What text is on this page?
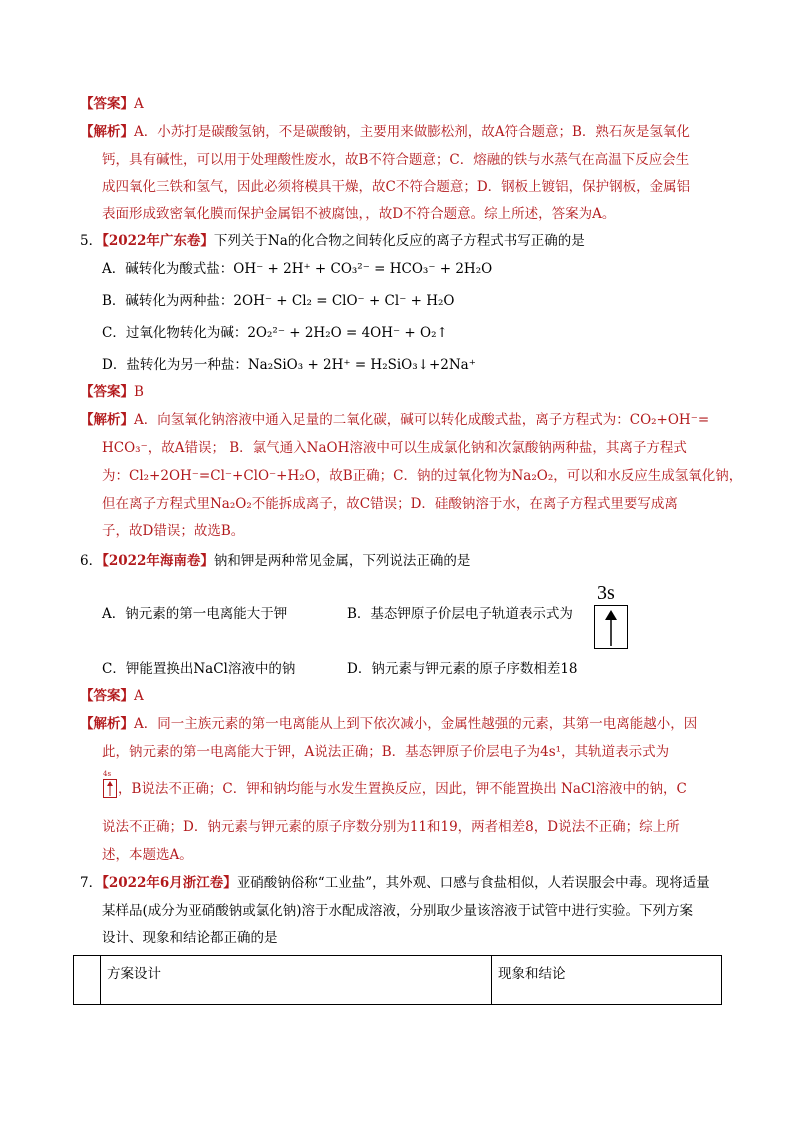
【答案】A
【解析】A．小苏打是碳酸氢钠，不是碳酸钠，主要用来做膨松剂，故A符合题意；B．熟石灰是氢氧化
钙，具有碱性，可以用于处理酸性废水，故B不符合题意；C．熔融的铁与水蒸气在高温下反应会生
成四氧化三铁和氢气，因此必须将模具干燥，故C不符合题意；D．钢板上镀铝，保护钢板，金属铝
表面形成致密氧化膜而保护金属铝不被腐蚀，，故D不符合题意。综上所述，答案为A。
5．【2022年广东卷】下列关于Na的化合物之间转化反应的离子方程式书写正确的是
A．碱转化为酸式盐：OH⁻ + 2H⁺ + CO₃²⁻ = HCO₃⁻ + 2H₂O
B．碱转化为两种盐：2OH⁻ + Cl₂ = ClO⁻ + Cl⁻ + H₂O
C．过氧化物转化为碱：2O₂²⁻ + 2H₂O = 4OH⁻ + O₂↑
D．盐转化为另一种盐：Na₂SiO₃ + 2H⁺ = H₂SiO₃↓+2Na⁺
【答案】B
【解析】A．向氢氧化钠溶液中通入足量的二氧化碳，碱可以转化成酸式盐，离子方程式为：CO₂+OH⁻=
HCO₃⁻，故A错误； B．氯气通入NaOH溶液中可以生成氯化钠和次氯酸钠两种盐，其离子方程式
为：Cl₂+2OH⁻=Cl⁻+ClO⁻+H₂O，故B正确；C．钠的过氧化物为Na₂O₂，可以和水反应生成氢氧化钠，
但在离子方程式里Na₂O₂不能拆成离子，故C错误；D．硅酸钠溶于水，在离子方程式里要写成离
子，故D错误；故选B。
6．【2022年海南卷】钠和钾是两种常见金属，下列说法正确的是
A．钠元素的第一电离能大于钾	B．基态钾原子价层电子轨道表示式为
3s
C．钾能置换出NaCl溶液中的钠	D．钠元素与钾元素的原子序数相差18
【答案】A
【解析】A．同一主族元素的第一电离能从上到下依次减小，金属性越强的元素，其第一电离能越小，因
此，钠元素的第一电离能大于钾，A说法正确；B．基态钾原子价层电子为4s¹，其轨道表示式为
4s
，B说法不正确；C．钾和钠均能与水发生置换反应，因此，钾不能置换出 NaCl溶液中的钠，C
说法不正确；D．钠元素与钾元素的原子序数分别为11和19，两者相差8，D说法不正确；综上所
述，本题选A。
7．【2022年6月浙江卷】亚硝酸钠俗称“工业盐”，其外观、口感与食盐相似，人若误服会中毒。现将适量
某样品(成分为亚硝酸钠或氯化钠)溶于水配成溶液，分别取少量该溶液于试管中进行实验。下列方案
设计、现象和结论都正确的是
	方案设计	现象和结论
